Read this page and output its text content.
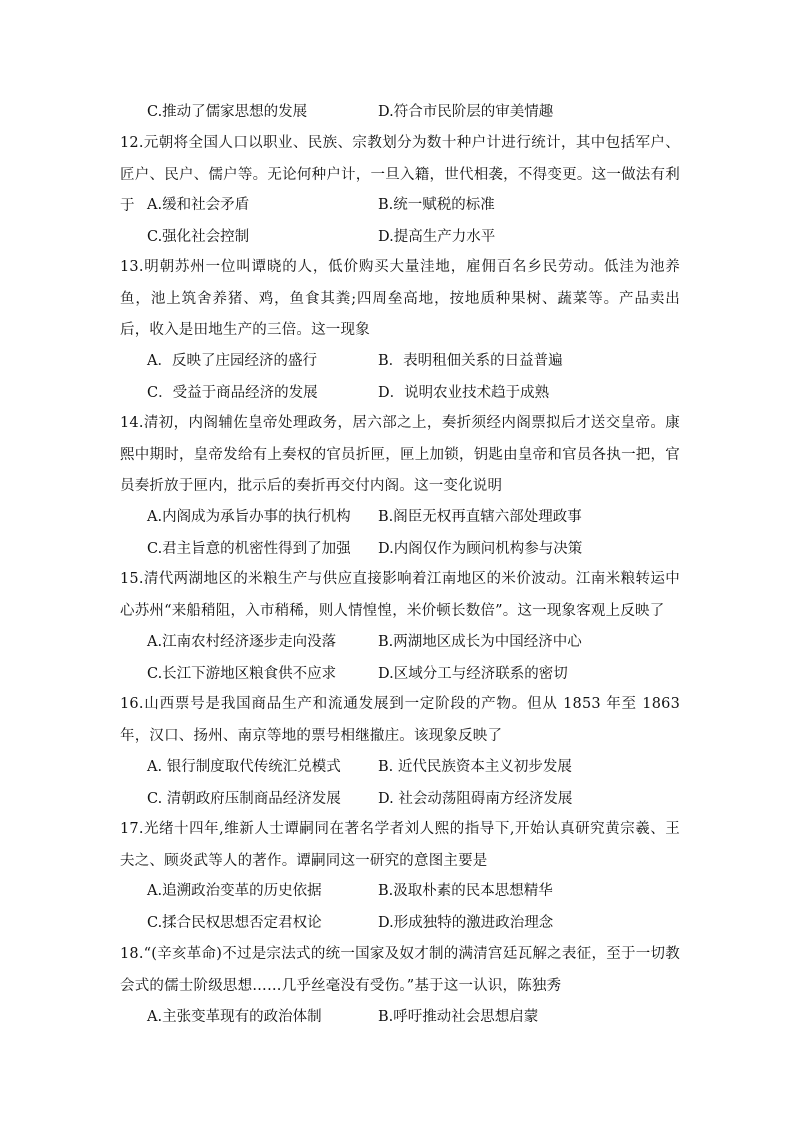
C.推动了儒家思想的发展	D.符合市民阶层的审美情趣
12.元朝将全国人口以职业、民族、宗教划分为数十种户计进行统计，其中包括军户、匠户、民户、儒户等。无论何种户计，一旦入籍，世代相袭，不得变更。这一做法有利于 A.缓和社会矛盾	B.统一赋税的标准
C.强化社会控制	D.提高生产力水平
13.明朝苏州一位叫谭晓的人，低价购买大量洼地，雇佣百名乡民劳动。低洼为池养鱼，池上筑舍养猪、鸡，鱼食其粪;四周垒高地，按地质种果树、蔬菜等。产品卖出后，收入是田地生产的三倍。这一现象
A．反映了庄园经济的盛行	B．表明租佃关系的日益普遍
C．受益于商品经济的发展	D．说明农业技术趋于成熟
14.清初，内阁辅佐皇帝处理政务，居六部之上，奏折须经内阁票拟后才送交皇帝。康熙中期时，皇帝发给有上奏权的官员折匣，匣上加锁，钥匙由皇帝和官员各执一把，官员奏折放于匣内，批示后的奏折再交付内阁。这一变化说明
A.内阁成为承旨办事的执行机构 B.阁臣无权再直辖六部处理政事
C.君主旨意的机密性得到了加强 D.内阁仅作为顾问机构参与决策
15.清代两湖地区的米粮生产与供应直接影响着江南地区的米价波动。江南米粮转运中心苏州“来船稍阻，入市稍稀，则人情惶惶，米价顿长数倍”。这一现象客观上反映了
A.江南农村经济逐步走向没落	B.两湖地区成长为中国经济中心
C.长江下游地区粮食供不应求	D.区域分工与经济联系的密切
16.山西票号是我国商品生产和流通发展到一定阶段的产物。但从 1853 年至 1863 年，汉口、扬州、南京等地的票号相继撤庄。该现象反映了
A. 银行制度取代传统汇兑模式	B. 近代民族资本主义初步发展
C. 清朝政府压制商品经济发展	D. 社会动荡阻碍南方经济发展
17.光绪十四年,维新人士谭嗣同在著名学者刘人熙的指导下,开始认真研究黄宗羲、王夫之、顾炎武等人的著作。谭嗣同这一研究的意图主要是
A.追溯政治变革的历史依据	B.汲取朴素的民本思想精华
C.揉合民权思想否定君权论	D.形成独特的激进政治理念
18.“(辛亥革命)不过是宗法式的统一国家及奴才制的满清宫廷瓦解之表征，至于一切教会式的儒士阶级思想……几乎丝毫没有受伤。”基于这一认识，陈独秀
A.主张变革现有的政治体制	B.呼吁推动社会思想启蒙
